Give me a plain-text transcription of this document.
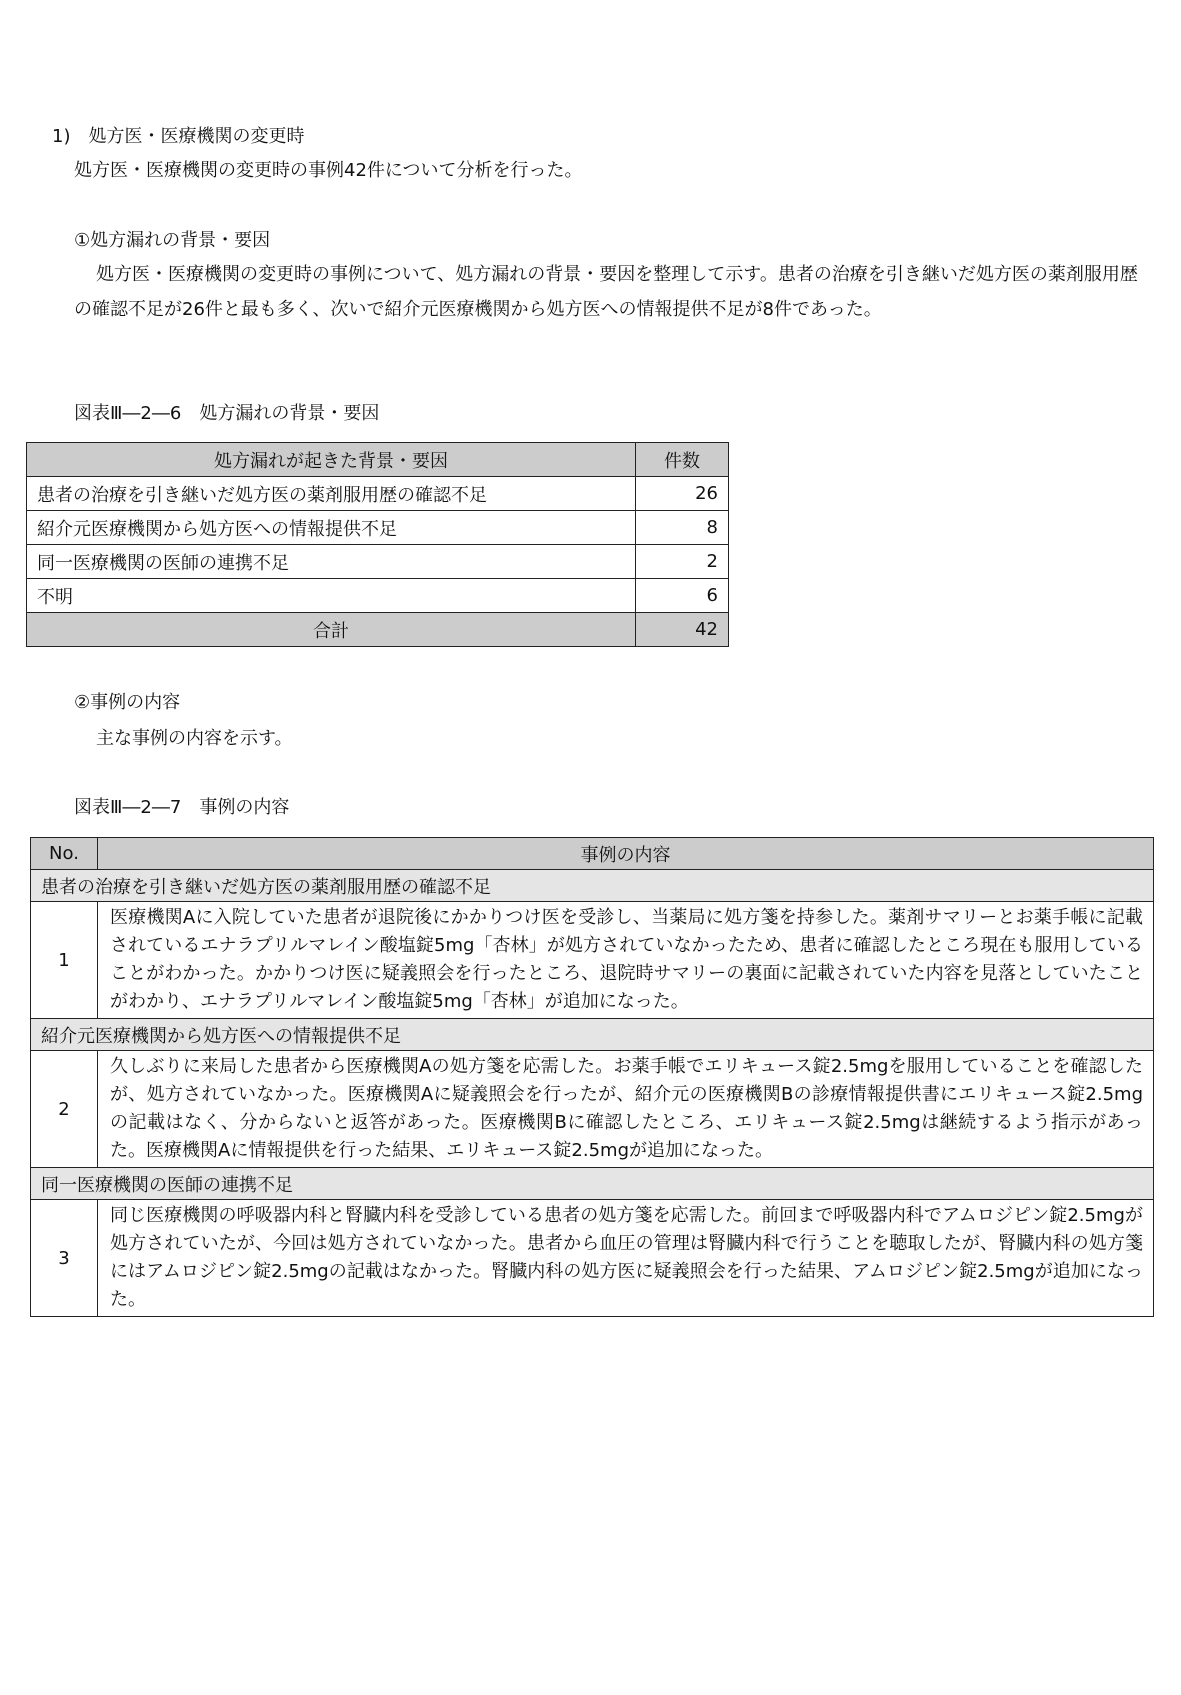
1)　処方医・医療機関の変更時
処方医・医療機関の変更時の事例42件について分析を行った。
①処方漏れの背景・要因
処方医・医療機関の変更時の事例について、処方漏れの背景・要因を整理して示す。患者の治療を引き継いだ処方医の薬剤服用歴の確認不足が26件と最も多く、次いで紹介元医療機関から処方医への情報提供不足が8件であった。
図表Ⅲ―2―6　処方漏れの背景・要因
処方漏れが起きた背景・要因	件数
患者の治療を引き継いだ処方医の薬剤服用歴の確認不足	26
紹介元医療機関から処方医への情報提供不足	8
同一医療機関の医師の連携不足	2
不明	6
合計	42
②事例の内容
主な事例の内容を示す。
図表Ⅲ―2―7　事例の内容
No.	事例の内容
患者の治療を引き継いだ処方医の薬剤服用歴の確認不足	
1	医療機関Aに入院していた患者が退院後にかかりつけ医を受診し、当薬局に処方箋を持参した。薬剤サマリーとお薬手帳に記載されているエナラプリルマレイン酸塩錠5mg「杏林」が処方されていなかったため、患者に確認したところ現在も服用していることがわかった。かかりつけ医に疑義照会を行ったところ、退院時サマリーの裏面に記載されていた内容を見落としていたことがわかり、エナラプリルマレイン酸塩錠5mg「杏林」が追加になった。
紹介元医療機関から処方医への情報提供不足	
2	久しぶりに来局した患者から医療機関Aの処方箋を応需した。お薬手帳でエリキュース錠2.5mgを服用していることを確認したが、処方されていなかった。医療機関Aに疑義照会を行ったが、紹介元の医療機関Bの診療情報提供書にエリキュース錠2.5mgの記載はなく、分からないと返答があった。医療機関Bに確認したところ、エリキュース錠2.5mgは継続するよう指示があった。医療機関Aに情報提供を行った結果、エリキュース錠2.5mgが追加になった。
同一医療機関の医師の連携不足	
3	同じ医療機関の呼吸器内科と腎臓内科を受診している患者の処方箋を応需した。前回まで呼吸器内科でアムロジピン錠2.5mgが処方されていたが、今回は処方されていなかった。患者から血圧の管理は腎臓内科で行うことを聴取したが、腎臓内科の処方箋にはアムロジピン錠2.5mgの記載はなかった。腎臓内科の処方医に疑義照会を行った結果、アムロジピン錠2.5mgが追加になった。
